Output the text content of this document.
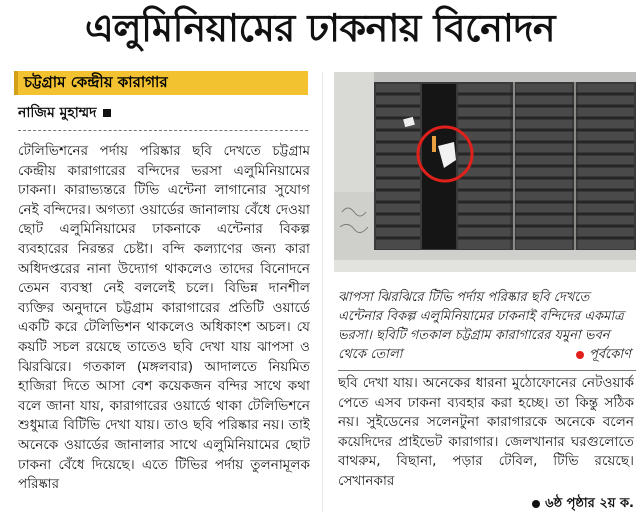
এলুমিনিয়ামের ঢাকনায় বিনোদন
চট্টগ্রাম কেন্দ্রীয় কারাগার
নাজিম মুহাম্মদ

টেলিভিশনের পর্দায় পরিষ্কার ছবি দেখতে চট্টগ্রাম কেন্দ্রীয় কারাগারের বন্দিদের ভরসা এলুমিনিয়ামের ঢাকনা। কারাভ্যন্তরে টিভি এন্টেনা লাগানোর সুযোগ নেই বন্দিদের। অগত্যা ওয়ার্ডের জানালায় বেঁধে দেওয়া ছোট এলুমিনিয়ামের ঢাকনাকে এন্টেনার বিকল্প ব্যবহারের নিরন্তর চেষ্টা। বন্দি কল্যাণের জন্য কারা অধিদপ্তরের নানা উদ্যোগ থাকলেও তাদের বিনোদনে তেমন ব্যবস্থা নেই বললেই চলে। বিভিন্ন দানশীল ব্যক্তির অনুদানে চট্টগ্রাম কারাগারের প্রতিটি ওয়ার্ডে একটি করে টেলিভিশন থাকলেও অধিকাংশ অচল। যে কয়টি সচল রয়েছে তাতেও ছবি দেখা যায় ঝাপসা ও ঝিরঝিরে। গতকাল (মঙ্গলবার) আদালতে নিয়মিত হাজিরা দিতে আসা বেশ কয়েকজন বন্দির সাথে কথা বলে জানা যায়, কারাগারের ওয়ার্ডে থাকা টেলিভিশনে শুধুমাত্র বিটিভি দেখা যায়। তাও ছবি পরিষ্কার নয়। তাই অনেকে ওয়ার্ডের জানালার সাথে এলুমিনিয়ামের ছোট ঢাকনা বেঁধে দিয়েছে। এতে টিভির পর্দায় তুলনামূলক পরিষ্কার

ঝাপসা ঝিরঝিরে টিভি পর্দায় পরিষ্কার ছবি দেখতে এন্টেনার বিকল্প এলুমিনিয়ামের ঢাকনাই বন্দিদের একমাত্র ভরসা। ছবিটি গতকাল চট্টগ্রাম কারাগারের যমুনা ভবন থেকে তোলা	পূর্বকোণ

ছবি দেখা যায়। অনেকের ধারনা মুঠোফোনের নেটওয়ার্ক পেতে এসব ঢাকনা ব্যবহার করা হচ্ছে। তা কিন্তু সঠিক নয়। সুইডেনের সলেনটুনা কারাগারকে অনেকে বলেন কয়েদিদের প্রাইভেট কারাগার। জেলখানার ঘরগুলোতে বাথরুম, বিছানা, পড়ার টেবিল, টিভি রয়েছে। সেখানকার

৬ষ্ঠ পৃষ্ঠার ২য় ক.
